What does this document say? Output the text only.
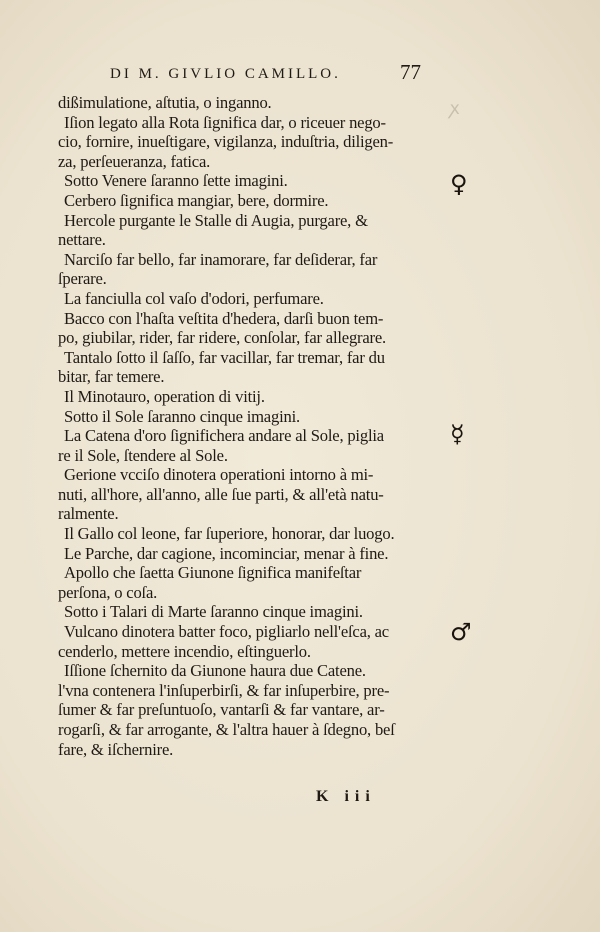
DI M. GIVLIO CAMILLO.	77
ꭗ
dißimulatione, aſtutia, o inganno.
Iſion legato alla Rota ſignifica dar, o riceuer nego-
cio, fornire, inueſtigare, vigilanza, induſtria, diligen-
za, perſeueranza, fatica.
Sotto Venere ſaranno ſette imagini.
Cerbero ſignifica mangiar, bere, dormire.
Hercole purgante le Stalle di Augia, purgare, &
nettare.
Narciſo far bello, far inamorare, far deſiderar, far
ſperare.
La fanciulla col vaſo d'odori, perfumare.
Bacco con l'haſta veſtita d'hedera, darſi buon tem-
po, giubilar, rider, far ridere, conſolar, far allegrare.
Tantalo ſotto il ſaſſo, far vacillar, far tremar, far du
bitar, far temere.
Il Minotauro, operation di vitij.
Sotto il Sole ſaranno cinque imagini.
La Catena d'oro ſignifichera andare al Sole, piglia
re il Sole, ſtendere al Sole.
Gerione vcciſo dinotera operationi intorno à mi-
nuti, all'hore, all'anno, alle ſue parti, & all'età natu-
ralmente.
Il Gallo col leone, far ſuperiore, honorar, dar luogo.
Le Parche, dar cagione, incominciar, menar à fine.
Apollo che ſaetta Giunone ſignifica manifeſtar
perſona, o coſa.
Sotto i Talari di Marte ſaranno cinque imagini.
Vulcano dinotera batter foco, pigliarlo nell'eſca, ac
cenderlo, mettere incendio, eſtinguerlo.
Iſſione ſchernito da Giunone haura due Catene.
l'vna contenera l'inſuperbirſi, & far inſuperbire, pre-
ſumer & far preſuntuoſo, vantarſi & far vantare, ar-
rogarſi, & far arrogante, & l'altra hauer à ſdegno, beſ
fare, & iſchernire.
♀
☿
♂
K iii
